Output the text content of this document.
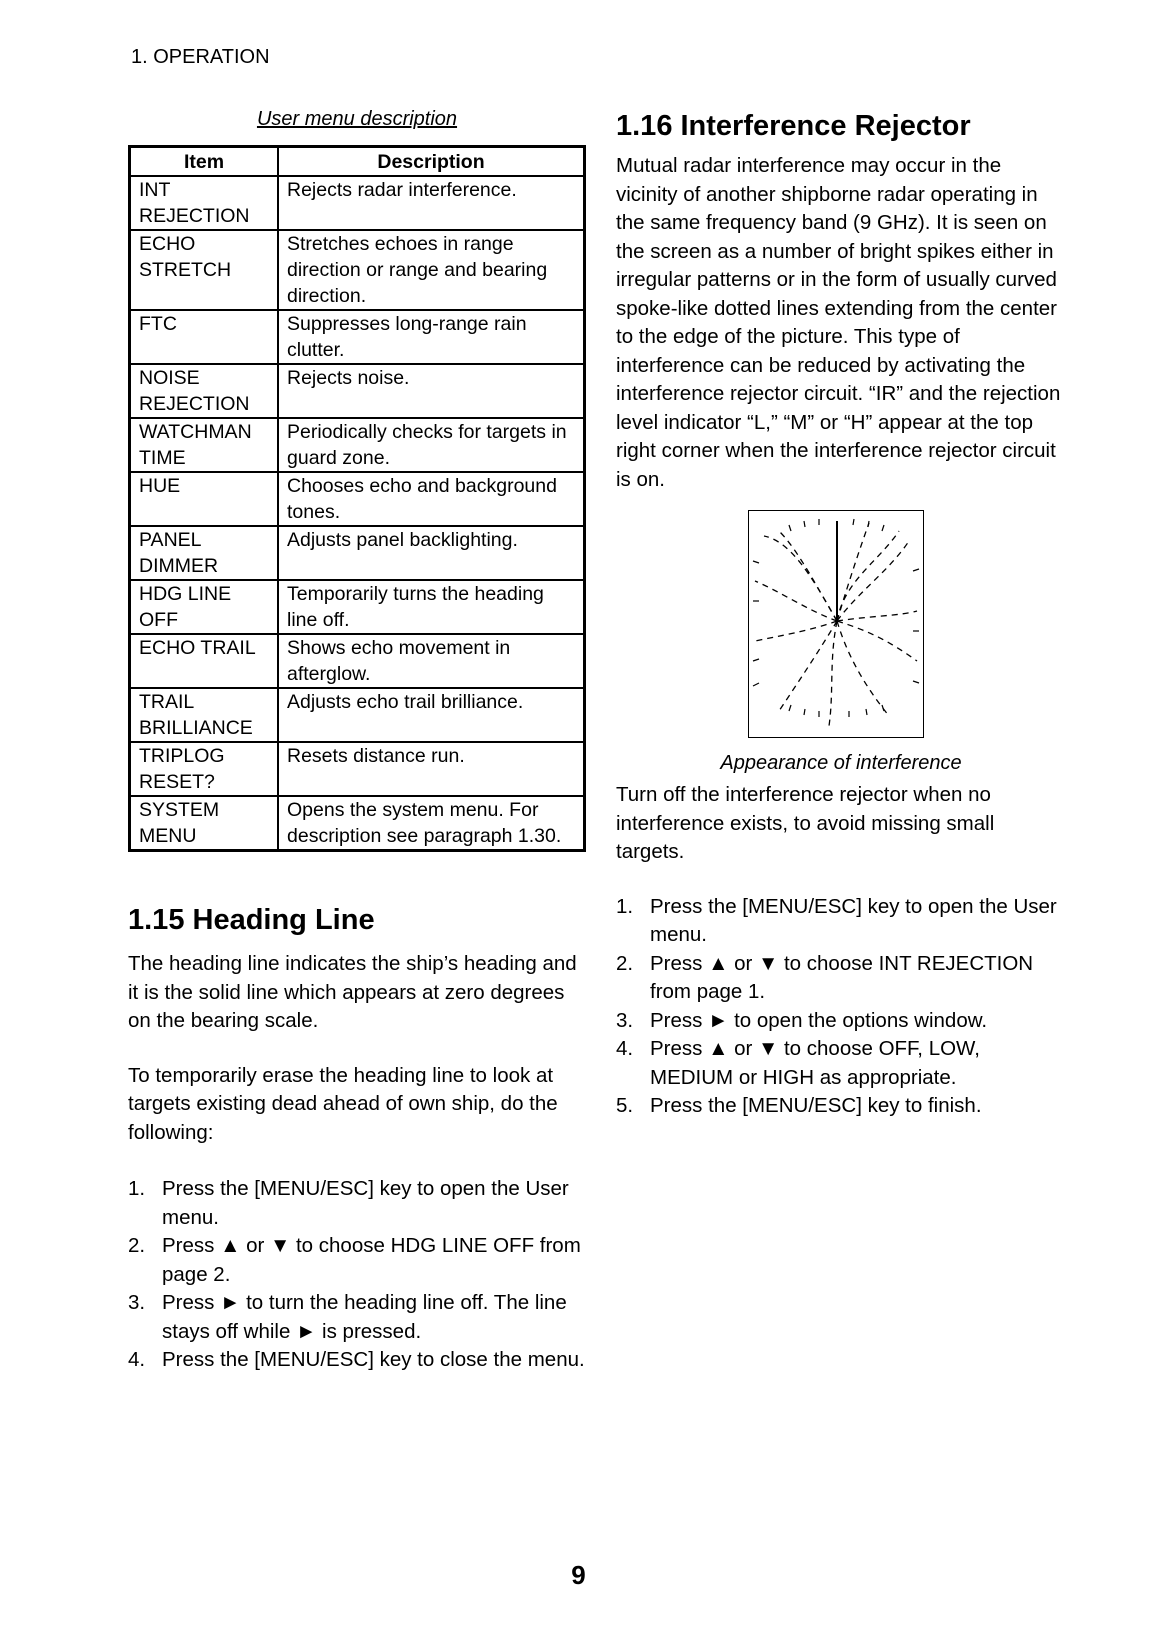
1. OPERATION
User menu description
Item	Description
INT REJECTION	Rejects radar interference.
ECHO STRETCH	Stretches echoes in range direction or range and bearing direction.
FTC	Suppresses long-range rain clutter.
NOISE REJECTION	Rejects noise.
WATCHMAN TIME	Periodically checks for targets in guard zone.
HUE	Chooses echo and background tones.
PANEL DIMMER	Adjusts panel backlighting.
HDG LINE OFF	Temporarily turns the heading line off.
ECHO TRAIL	Shows echo movement in afterglow.
TRAIL BRILLIANCE	Adjusts echo trail brilliance.
TRIPLOG RESET?	Resets distance run.
SYSTEM MENU	Opens the system menu. For description see paragraph 1.30.
1.15 Heading Line

The heading line indicates the ship’s heading and it is the solid line which appears at zero degrees on the bearing scale.

To temporarily erase the heading line to look at targets existing dead ahead of own ship, do the following:

1. Press the [MENU/ESC] key to open the User menu.
2. Press ▲ or ▼ to choose HDG LINE OFF from page 2.
3. Press ► to turn the heading line off. The line stays off while ► is pressed.
4. Press the [MENU/ESC] key to close the menu.
1.16 Interference Rejector

Mutual radar interference may occur in the vicinity of another shipborne radar operating in the same frequency band (9 GHz). It is seen on the screen as a number of bright spikes either in irregular patterns or in the form of usually curved spoke-like dotted lines extending from the center to the edge of the picture. This type of interference can be reduced by activating the interference rejector circuit. “IR” and the rejection level indicator “L,” “M” or “H” appear at the top right corner when the interference rejector circuit is on.

Appearance of interference

Turn off the interference rejector when no interference exists, to avoid missing small targets.

1. Press the [MENU/ESC] key to open the User menu.
2. Press ▲ or ▼ to choose INT REJECTION from page 1.
3. Press ► to open the options window.
4. Press ▲ or ▼ to choose OFF, LOW, MEDIUM or HIGH as appropriate.
5. Press the [MENU/ESC] key to finish.
9
